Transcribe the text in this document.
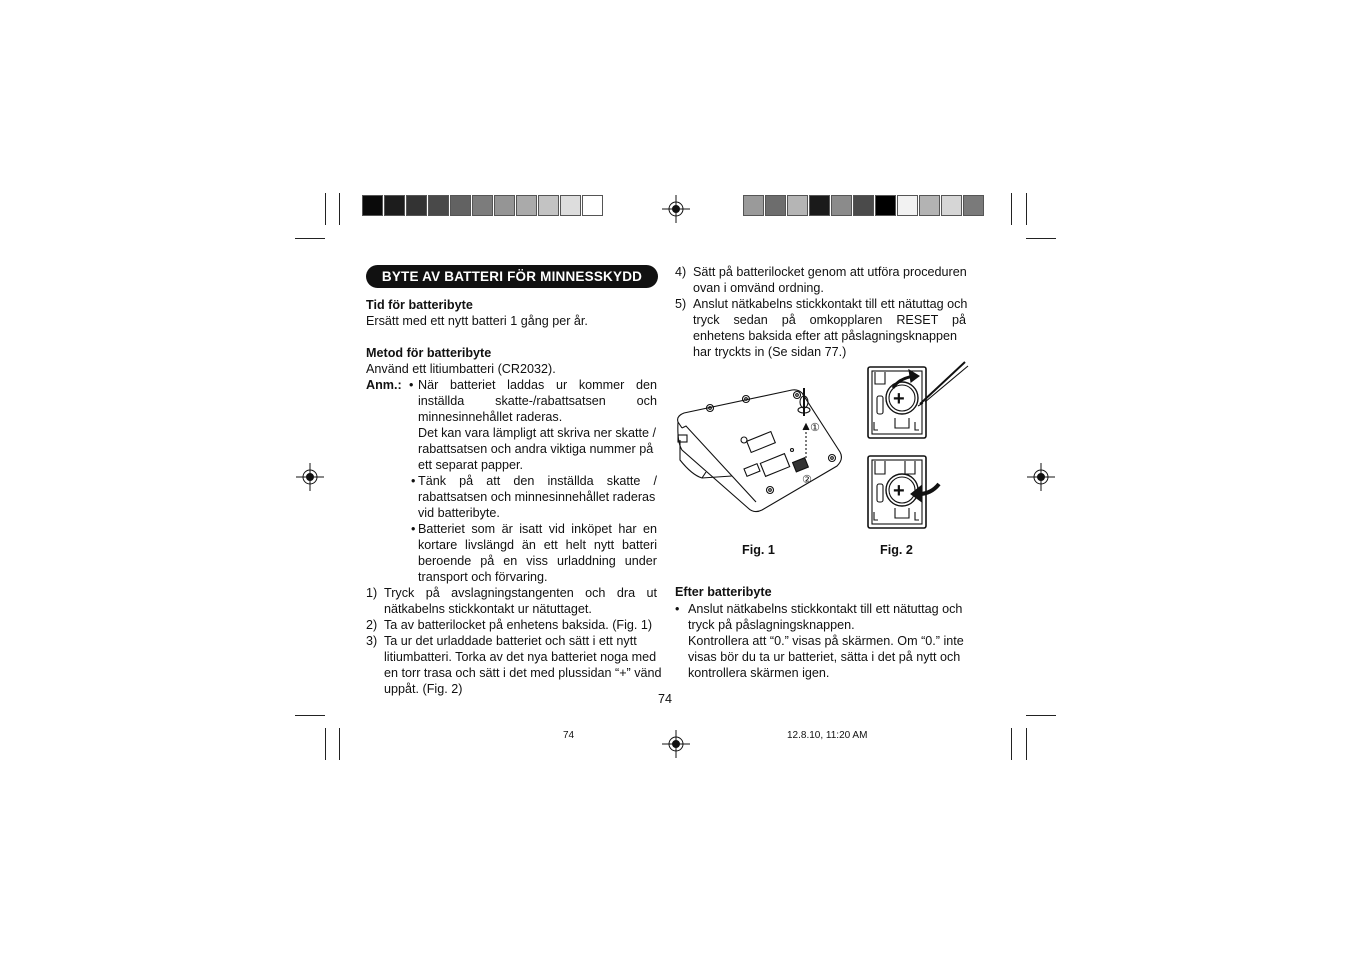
BYTE AV BATTERI FÖR MINNESSKYDD
Tid för batteribyte
Ersätt med ett nytt batteri 1 gång per år.
Metod för batteribyte
Använd ett litiumbatteri (CR2032).
Anm.: • När batteriet laddas ur kommer den
inställda skatte-/rabattsatsen och
minnesinnehållet raderas.
Det kan vara lämpligt att skriva ner skatte /
rabattsatsen och andra viktiga nummer på
ett separat papper.
• Tänk på att den inställda skatte /
rabattsatsen och minnesinnehållet raderas
vid batteribyte.
• Batteriet som är isatt vid inköpet har en
kortare livslängd än ett helt nytt batteri
beroende på en viss urladdning under
transport och förvaring.
1) Tryck på avslagningstangenten och dra ut
nätkabelns stickkontakt ur nätuttaget.
2) Ta av batterilocket på enhetens baksida. (Fig. 1)
3) Ta ur det urladdade batteriet och sätt i ett nytt
litiumbatteri. Torka av det nya batteriet noga med
en torr trasa och sätt i det med plussidan “+” vänd
uppåt. (Fig. 2)
4) Sätt på batterilocket genom att utföra proceduren
ovan i omvänd ordning.
5) Anslut nätkabelns stickkontakt till ett nätuttag och
tryck sedan på omkopplaren RESET på
enhetens baksida efter att påslagningsknappen
har tryckts in (Se sidan 77.)
①
②
+
+
Fig. 1	Fig. 2
Efter batteribyte
• Anslut nätkabelns stickkontakt till ett nätuttag och
tryck på påslagningsknappen.
Kontrollera att “0.” visas på skärmen. Om “0.” inte
visas bör du ta ur batteriet, sätta i det på nytt och
kontrollera skärmen igen.
74
74	12.8.10, 11:20 AM
